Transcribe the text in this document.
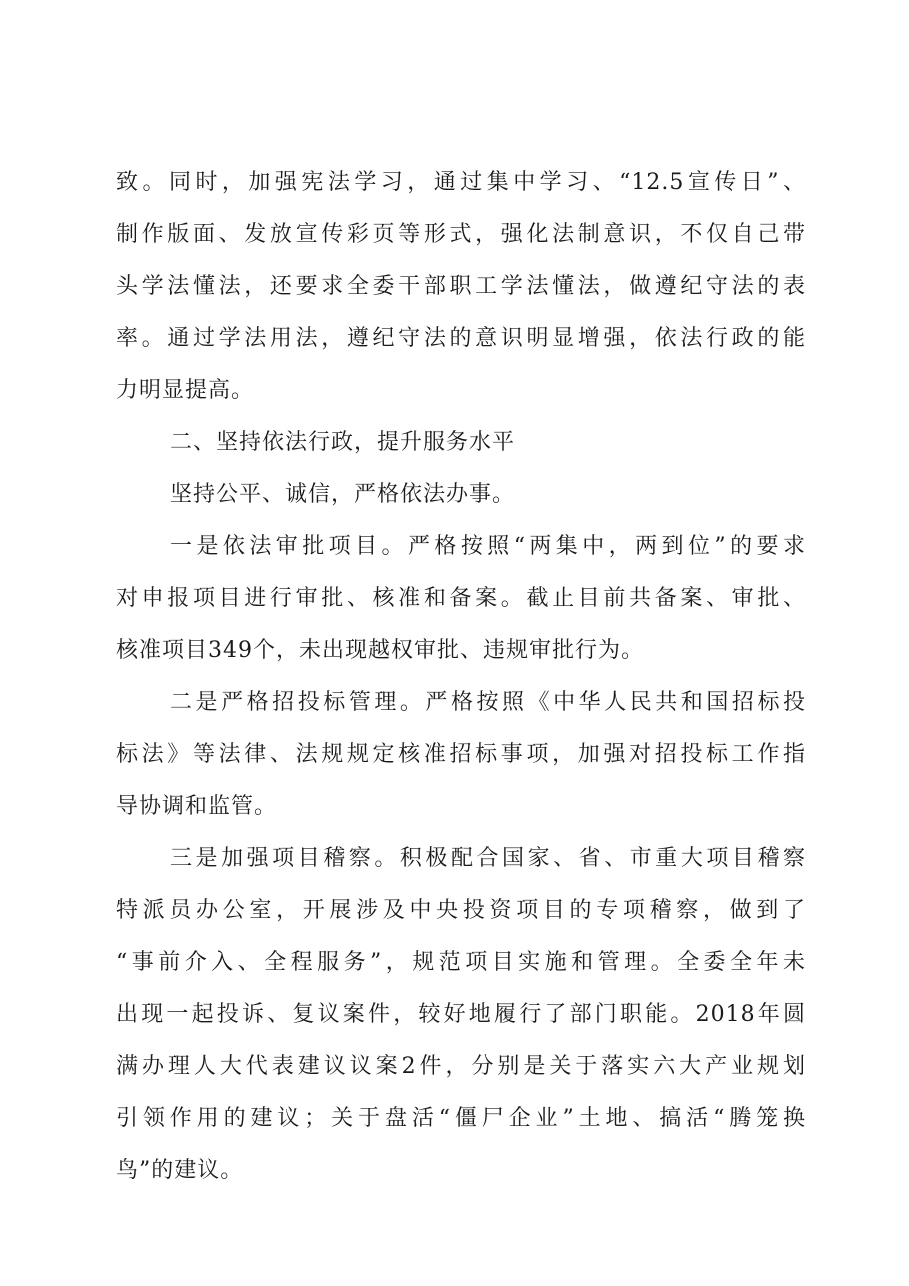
致。同时，加强宪法学习，通过集中学习、“12.5宣传日”、
制作版面、发放宣传彩页等形式，强化法制意识，不仅自己带
头学法懂法，还要求全委干部职工学法懂法，做遵纪守法的表
率。通过学法用法，遵纪守法的意识明显增强，依法行政的能
力明显提高。
二、坚持依法行政，提升服务水平
坚持公平、诚信，严格依法办事。
一是依法审批项目。严格按照“两集中，两到位”的要求
对申报项目进行审批、核准和备案。截止目前共备案、审批、
核准项目349个，未出现越权审批、违规审批行为。
二是严格招投标管理。严格按照《中华人民共和国招标投
标法》等法律、法规规定核准招标事项，加强对招投标工作指
导协调和监管。
三是加强项目稽察。积极配合国家、省、市重大项目稽察
特派员办公室，开展涉及中央投资项目的专项稽察，做到了
“事前介入、全程服务”，规范项目实施和管理。全委全年未
出现一起投诉、复议案件，较好地履行了部门职能。2018年圆
满办理人大代表建议议案2件，分别是关于落实六大产业规划
引领作用的建议；关于盘活“僵尸企业”土地、搞活“腾笼换
鸟”的建议。
